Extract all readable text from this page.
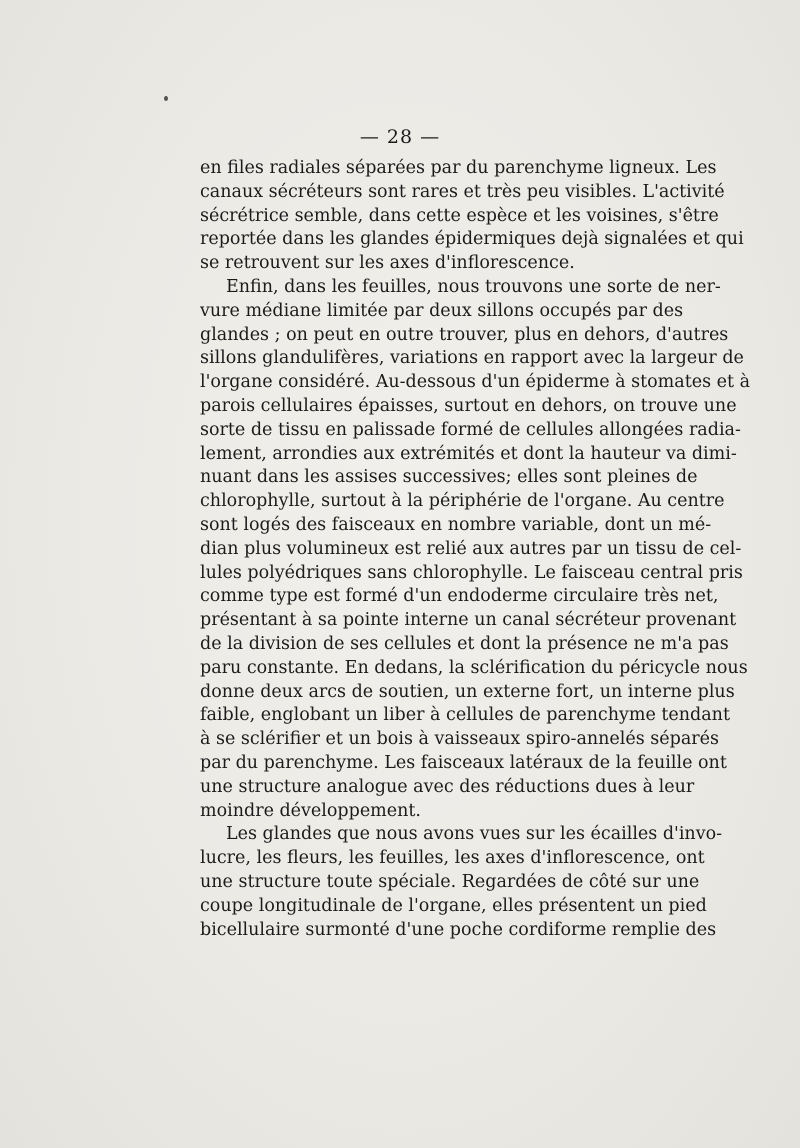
— 28 —
en files radiales séparées par du parenchyme ligneux. Les
canaux sécréteurs sont rares et très peu visibles. L'activité
sécrétrice semble, dans cette espèce et les voisines, s'être
reportée dans les glandes épidermiques dejà signalées et qui
se retrouvent sur les axes d'inflorescence.
Enfin, dans les feuilles, nous trouvons une sorte de ner-
vure médiane limitée par deux sillons occupés par des
glandes ; on peut en outre trouver, plus en dehors, d'autres
sillons glandulifères, variations en rapport avec la largeur de
l'organe considéré. Au-dessous d'un épiderme à stomates et à
parois cellulaires épaisses, surtout en dehors, on trouve une
sorte de tissu en palissade formé de cellules allongées radia-
lement, arrondies aux extrémités et dont la hauteur va dimi-
nuant dans les assises successives; elles sont pleines de
chlorophylle, surtout à la périphérie de l'organe. Au centre
sont logés des faisceaux en nombre variable, dont un mé-
dian plus volumineux est relié aux autres par un tissu de cel-
lules polyédriques sans chlorophylle. Le faisceau central pris
comme type est formé d'un endoderme circulaire très net,
présentant à sa pointe interne un canal sécréteur provenant
de la division de ses cellules et dont la présence ne m'a pas
paru constante. En dedans, la sclérification du péricycle nous
donne deux arcs de soutien, un externe fort, un interne plus
faible, englobant un liber à cellules de parenchyme tendant
à se sclérifier et un bois à vaisseaux spiro-annelés séparés
par du parenchyme. Les faisceaux latéraux de la feuille ont
une structure analogue avec des réductions dues à leur
moindre développement.
Les glandes que nous avons vues sur les écailles d'invo-
lucre, les fleurs, les feuilles, les axes d'inflorescence, ont
une structure toute spéciale. Regardées de côté sur une
coupe longitudinale de l'organe, elles présentent un pied
bicellulaire surmonté d'une poche cordiforme remplie des
